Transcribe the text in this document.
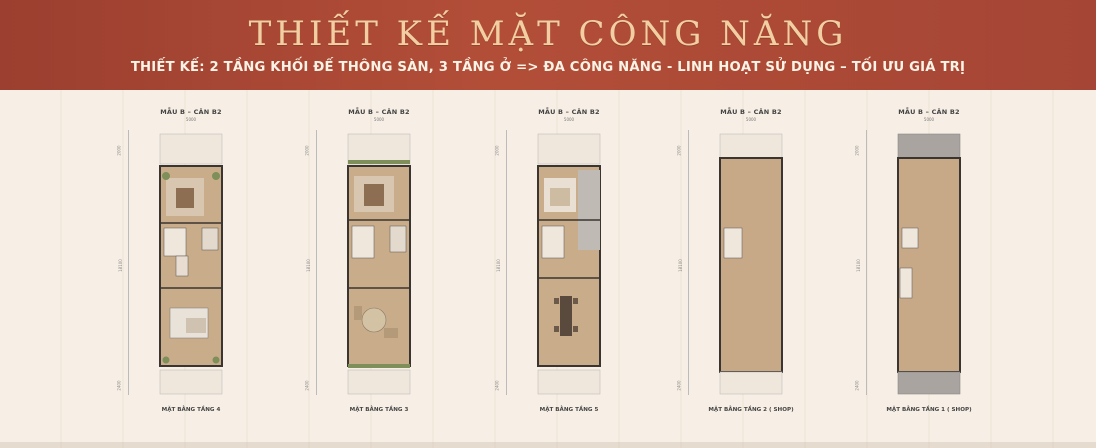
THIẾT KẾ MẶT CÔNG NĂNG
THIẾT KẾ: 2 TẦNG KHỐI ĐẾ THÔNG SÀN, 3 TẦNG Ở => ĐA CÔNG NĂNG - LINH HOẠT SỬ DỤNG – TỐI ƯU GIÁ TRỊ
MẪU B – CĂN B2
5000
2000
18100
2400
MẶT BẰNG TẦNG 4
MẪU B – CĂN B2
5000
2000
18100
2400
MẶT BẰNG TẦNG 3
MẪU B – CĂN B2
5000
2000
18100
2400
MẶT BẰNG TẦNG 5
MẪU B – CĂN B2
5000
2000
18100
2400
MẶT BẰNG TẦNG 2 ( SHOP)
MẪU B – CĂN B2
5000
2000
18100
2400
MẶT BẰNG TẦNG 1 ( SHOP)
